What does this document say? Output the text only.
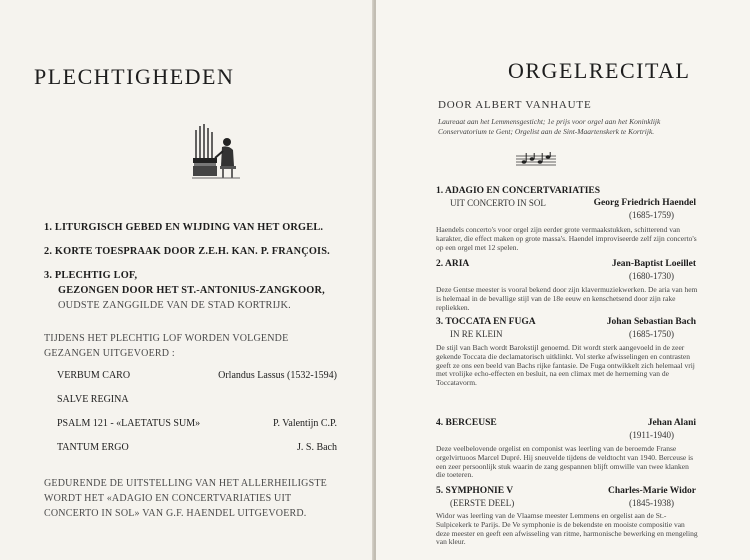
PLECHTIGHEDEN
1. LITURGISCH GEBED EN WIJDING VAN HET ORGEL.
2. KORTE TOESPRAAK DOOR Z.E.H. KAN. P. FRANÇOIS.
3. PLECHTIG LOF,
GEZONGEN DOOR HET ST.-ANTONIUS-ZANGKOOR,
OUDSTE ZANGGILDE VAN DE STAD KORTRIJK.
TIJDENS HET PLECHTIG LOF WORDEN VOLGENDE
GEZANGEN UITGEVOERD :
VERBUM CARO	Orlandus Lassus (1532-1594)
SALVE REGINA
PSALM 121 - «LAETATUS SUM»	P. Valentijn C.P.
TANTUM ERGO	J. S. Bach
GEDURENDE DE UITSTELLING VAN HET ALLERHEILIGSTE
WORDT HET «ADAGIO EN CONCERTVARIATIES UIT
CONCERTO IN SOL» VAN G.F. HAENDEL UITGEVOERD.
ORGELRECITAL
DOOR ALBERT VANHAUTE
Laureaat aan het Lemmensgesticht; 1e prijs voor orgel aan het Koninklijk Conservatorium te Gent; Orgelist aan de Sint-Maartenskerk te Kortrijk.
1. ADAGIO EN CONCERTVARIATIES
UIT CONCERTO IN SOL	Georg Friedrich Haendel
(1685-1759)
Haendels concerto's voor orgel zijn eerder grote vermaakstukken, schitterend van karakter, die effect maken op grote massa's. Haendel improviseerde zelf zijn concerto's op een orgel met 12 spelen.
2. ARIA	Jean-Baptist Loeillet
(1680-1730)
Deze Gentse meester is vooral bekend door zijn klavermuziekwerken. De aria van hem is helemaal in de bevallige stijl van de 18e eeuw en kenschetsend door zijn rake repliekken.
3. TOCCATA EN FUGA	Johan Sebastian Bach
IN RE KLEIN	(1685-1750)
De stijl van Bach wordt Barokstijl genoemd. Dit wordt sterk aangevoeld in de zeer gekende Toccata die declamatorisch uitklinkt. Vol sterke afwisselingen en contrasten geeft ze ons een beeld van Bachs rijke fantasie. De Fuga ontwikkelt zich helemaal vrij met vrolijke echo-effecten en besluit, na een climax met de herneming van de Toccatavorm.
4. BERCEUSE	Jehan Alani
(1911-1940)
Deze veelbelovende orgelist en componist was leerling van de beroemde Franse orgelvirtuoos Marcel Dupré. Hij sneuvelde tijdens de veldtocht van 1940. Berceuse is een zeer persoonlijk stuk waarin de zang gespannen blijft omwille van twee klanken die toeteren.
5. SYMPHONIE V	Charles-Marie Widor
(EERSTE DEEL)	(1845-1938)
Widor was leerling van de Vlaamse meester Lemmens en orgelist aan de St.-Sulpicekerk te Parijs. De Ve symphonie is de bekendste en mooiste compositie van deze meester en geeft een afwisseling van ritme, harmonische bewerking en mengeling van kleur.
